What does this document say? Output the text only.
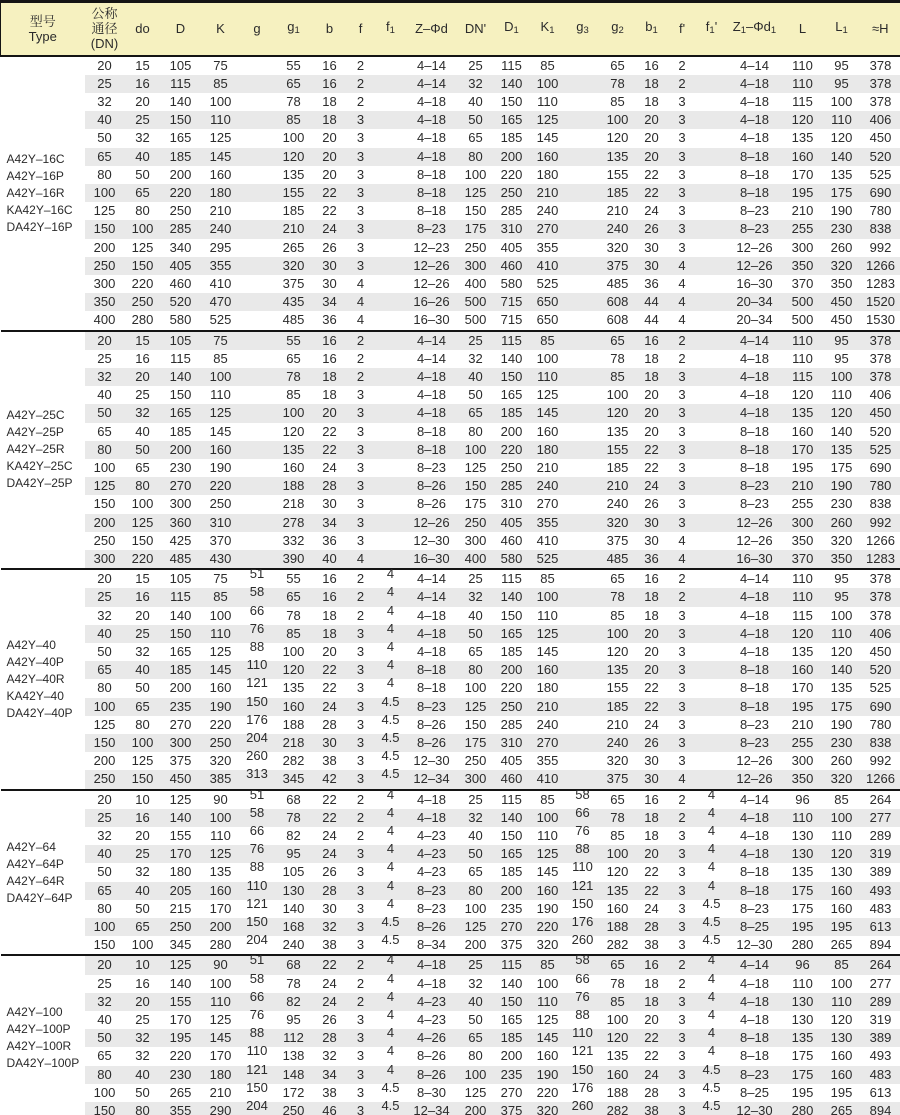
型号
Type

公称
通径
(DN)
	do	D	K	g	$g_1$	b	f	$f_1$	Z–Φd	DN'	$D_1$	$K_1$	$g_3$	$g_2$	$b_1$	f'	$f_1'$	$Z_1-\Phi d_1$	L	$L_1$	≈H

A42Y–16C
A42Y–16P
A42Y–16R
KA42Y–16C
DA42Y–16P	20	15	105	75		55	16	2		4–14	25	115	85		65	16	2		4–14	110	95	378
	25	16	115	85		65	16	2		4–14	32	140	100		78	18	2		4–18	110	95	378
	32	20	140	100		78	18	2		4–18	40	150	110		85	18	3		4–18	115	100	378
	40	25	150	110		85	18	3		4–18	50	165	125		100	20	3		4–18	120	110	406
	50	32	165	125		100	20	3		4–18	65	185	145		120	20	3		4–18	135	120	450
	65	40	185	145		120	20	3		4–18	80	200	160		135	20	3		8–18	160	140	520
	80	50	200	160		135	20	3		8–18	100	220	180		155	22	3		8–18	170	135	525
	100	65	220	180		155	22	3		8–18	125	250	210		185	22	3		8–18	195	175	690
	125	80	250	210		185	22	3		8–18	150	285	240		210	24	3		8–23	210	190	780
	150	100	285	240		210	24	3		8–23	175	310	270		240	26	3		8–23	255	230	838
	200	125	340	295		265	26	3		12–23	250	405	355		320	30	3		12–26	300	260	992
	250	150	405	355		320	30	3		12–26	300	460	410		375	30	4		12–26	350	320	1266
	300	220	460	410		375	30	4		12–26	400	580	525		485	36	4		16–30	370	350	1283
	350	250	520	470		435	34	4		16–26	500	715	650		608	44	4		20–34	500	450	1520
	400	280	580	525		485	36	4		16–30	500	715	650		608	44	4		20–34	500	450	1530

A42Y–25C
A42Y–25P
A42Y–25R
KA42Y–25C
DA42Y–25P	20	15	105	75		55	16	2		4–14	25	115	85		65	16	2		4–14	110	95	378
	25	16	115	85		65	16	2		4–14	32	140	100		78	18	2		4–18	110	95	378
	32	20	140	100		78	18	2		4–18	40	150	110		85	18	3		4–18	115	100	378
	40	25	150	110		85	18	3		4–18	50	165	125		100	20	3		4–18	120	110	406
	50	32	165	125		100	20	3		4–18	65	185	145		120	20	3		4–18	135	120	450
	65	40	185	145		120	22	3		8–18	80	200	160		135	20	3		8–18	160	140	520
	80	50	200	160		135	22	3		8–18	100	220	180		155	22	3		8–18	170	135	525
	100	65	230	190		160	24	3		8–23	125	250	210		185	22	3		8–18	195	175	690
	125	80	270	220		188	28	3		8–26	150	285	240		210	24	3		8–23	210	190	780
	150	100	300	250		218	30	3		8–26	175	310	270		240	26	3		8–23	255	230	838
	200	125	360	310		278	34	3		12–26	250	405	355		320	30	3		12–26	300	260	992
	250	150	425	370		332	36	3		12–30	300	460	410		375	30	4		12–26	350	320	1266
	300	220	485	430		390	40	4		16–30	400	580	525		485	36	4		16–30	370	350	1283

A42Y–40
A42Y–40P
A42Y–40R
KA42Y–40
DA42Y–40P	20	15	105	75	51	55	16	2	4	4–14	25	115	85		65	16	2		4–14	110	95	378
	25	16	115	85	58	65	16	2	4	4–14	32	140	100		78	18	2		4–18	110	95	378
	32	20	140	100	66	78	18	2	4	4–18	40	150	110		85	18	3		4–18	115	100	378
	40	25	150	110	76	85	18	3	4	4–18	50	165	125		100	20	3		4–18	120	110	406
	50	32	165	125	88	100	20	3	4	4–18	65	185	145		120	20	3		4–18	135	120	450
	65	40	185	145	110	120	22	3	4	8–18	80	200	160		135	20	3		8–18	160	140	520
	80	50	200	160	121	135	22	3	4	8–18	100	220	180		155	22	3		8–18	170	135	525
	100	65	235	190	150	160	24	3	4.5	8–23	125	250	210		185	22	3		8–18	195	175	690
	125	80	270	220	176	188	28	3	4.5	8–26	150	285	240		210	24	3		8–23	210	190	780
	150	100	300	250	204	218	30	3	4.5	8–26	175	310	270		240	26	3		8–23	255	230	838
	200	125	375	320	260	282	38	3	4.5	12–30	250	405	355		320	30	3		12–26	300	260	992
	250	150	450	385	313	345	42	3	4.5	12–34	300	460	410		375	30	4		12–26	350	320	1266

A42Y–64
A42Y–64P
A42Y–64R
DA42Y–64P	20	10	125	90	51	68	22	2	4	4–18	25	115	85	58	65	16	2	4	4–14	96	85	264
	25	16	140	100	58	78	22	2	4	4–18	32	140	100	66	78	18	2	4	4–18	110	100	277
	32	20	155	110	66	82	24	2	4	4–23	40	150	110	76	85	18	3	4	4–18	130	110	289
	40	25	170	125	76	95	24	3	4	4–23	50	165	125	88	100	20	3	4	4–18	130	120	319
	50	32	180	135	88	105	26	3	4	4–23	65	185	145	110	120	22	3	4	8–18	135	130	389
	65	40	205	160	110	130	28	3	4	8–23	80	200	160	121	135	22	3	4	8–18	175	160	493
	80	50	215	170	121	140	30	3	4	8–23	100	235	190	150	160	24	3	4.5	8–23	175	160	483
	100	65	250	200	150	168	32	3	4.5	8–26	125	270	220	176	188	28	3	4.5	8–25	195	195	613
	150	100	345	280	204	240	38	3	4.5	8–34	200	375	320	260	282	38	3	4.5	12–30	280	265	894

A42Y–100
A42Y–100P
A42Y–100R
DA42Y–100P	20	10	125	90	51	68	22	2	4	4–18	25	115	85	58	65	16	2	4	4–14	96	85	264
	25	16	140	100	58	78	24	2	4	4–18	32	140	100	66	78	18	2	4	4–18	110	100	277
	32	20	155	110	66	82	24	2	4	4–23	40	150	110	76	85	18	3	4	4–18	130	110	289
	40	25	170	125	76	95	26	3	4	4–23	50	165	125	88	100	20	3	4	4–18	130	120	319
	50	32	195	145	88	112	28	3	4	4–26	65	185	145	110	120	22	3	4	8–18	135	130	389
	65	32	220	170	110	138	32	3	4	8–26	80	200	160	121	135	22	3	4	8–18	175	160	493
	80	40	230	180	121	148	34	3	4	8–26	100	235	190	150	160	24	3	4.5	8–23	175	160	483
	100	50	265	210	150	172	38	3	4.5	8–30	125	270	220	176	188	28	3	4.5	8–25	195	195	613
	150	80	355	290	204	250	46	3	4.5	12–34	200	375	320	260	282	38	3	4.5	12–30	280	265	894
